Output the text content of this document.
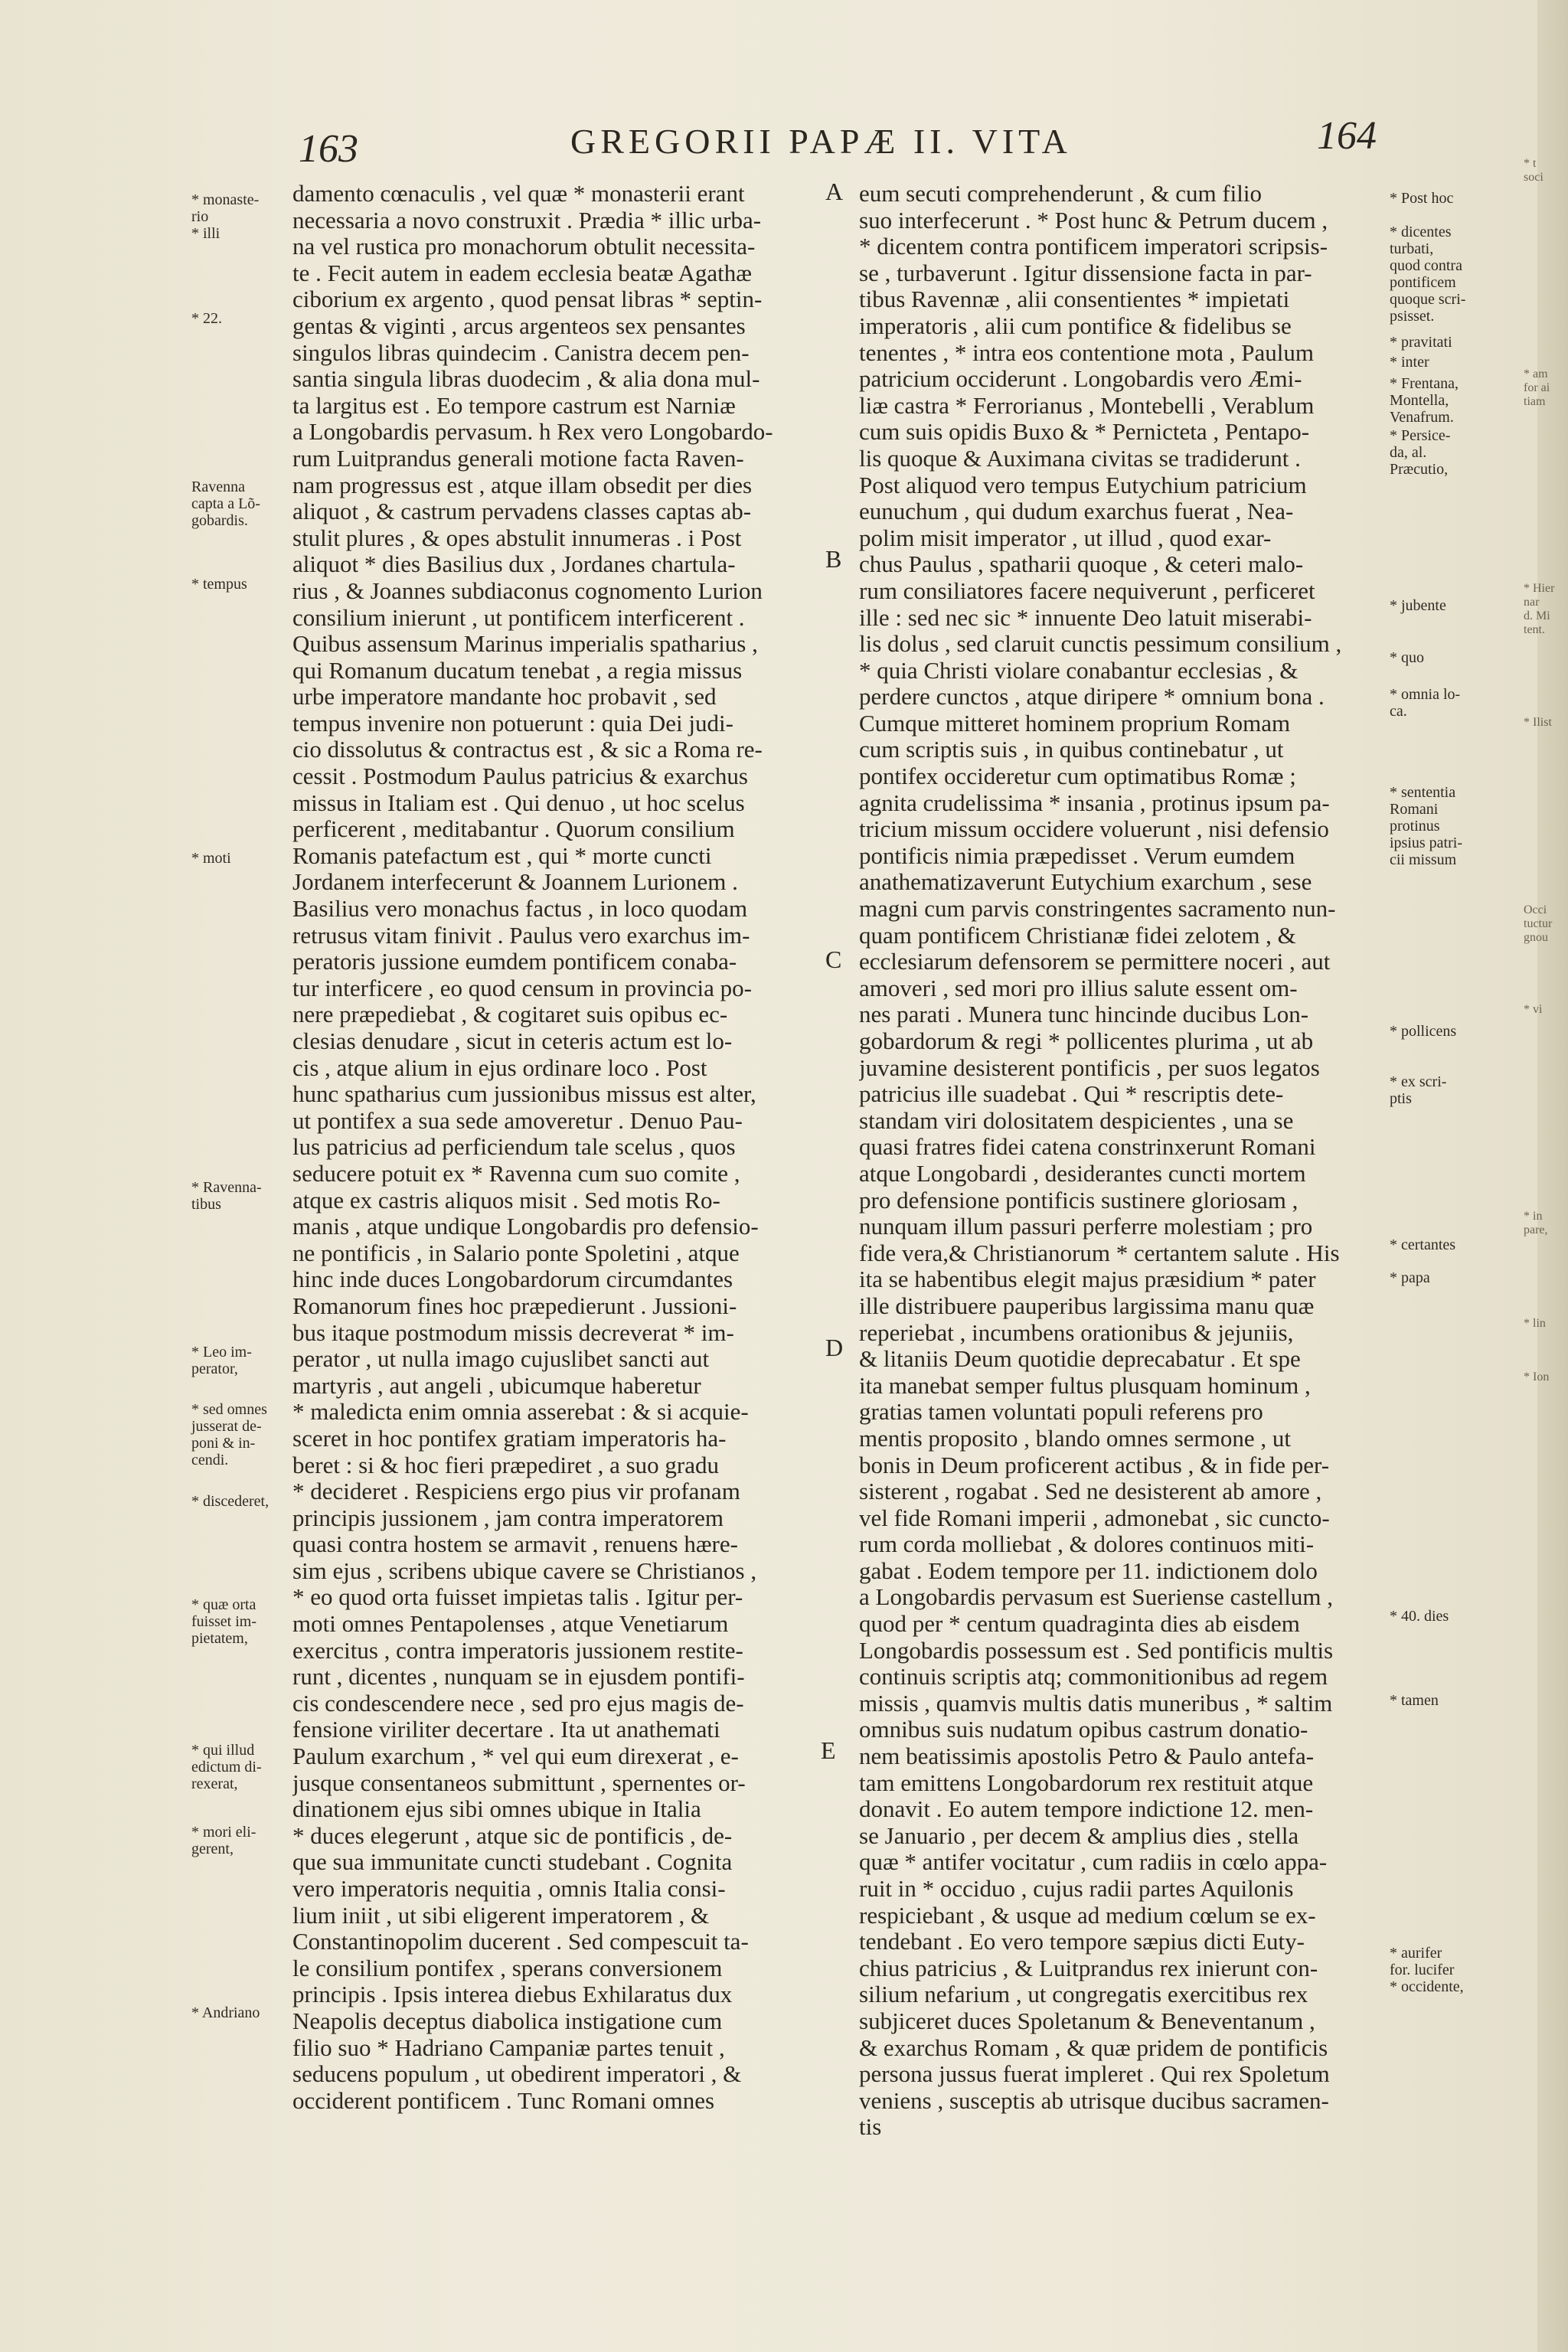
163	GREGORII PAPÆ II. VITA	164
damento cœnaculis , vel quæ * monasterii erant
necessaria a novo construxit . Prædia * illic urba-
na vel rustica pro monachorum obtulit necessita-
te . Fecit autem in eadem ecclesia beatæ Agathæ
ciborium ex argento , quod pensat libras * septin-
gentas & viginti , arcus argenteos sex pensantes
singulos libras quindecim . Canistra decem pen-
santia singula libras duodecim , & alia dona mul-
ta largitus est . Eo tempore castrum est Narniæ
a Longobardis pervasum. h Rex vero Longobardo-
rum Luitprandus generali motione facta Raven-
nam progressus est , atque illam obsedit per dies
aliquot , & castrum pervadens classes captas ab-
stulit plures , & opes abstulit innumeras . i Post
aliquot * dies Basilius dux , Jordanes chartula-
rius , & Joannes subdiaconus cognomento Lurion
consilium inierunt , ut pontificem interficerent .
Quibus assensum Marinus imperialis spatharius ,
qui Romanum ducatum tenebat , a regia missus
urbe imperatore mandante hoc probavit , sed
tempus invenire non potuerunt : quia Dei judi-
cio dissolutus & contractus est , & sic a Roma re-
cessit . Postmodum Paulus patricius & exarchus
missus in Italiam est . Qui denuo , ut hoc scelus
perficerent , meditabantur . Quorum consilium
Romanis patefactum est , qui * morte cuncti
Jordanem interfecerunt & Joannem Lurionem .
Basilius vero monachus factus , in loco quodam
retrusus vitam finivit . Paulus vero exarchus im-
peratoris jussione eumdem pontificem conaba-
tur interficere , eo quod censum in provincia po-
nere præpediebat , & cogitaret suis opibus ec-
clesias denudare , sicut in ceteris actum est lo-
cis , atque alium in ejus ordinare loco . Post
hunc spatharius cum jussionibus missus est alter,
ut pontifex a sua sede amoveretur . Denuo Pau-
lus patricius ad perficiendum tale scelus , quos
seducere potuit ex * Ravenna cum suo comite ,
atque ex castris aliquos misit . Sed motis Ro-
manis , atque undique Longobardis pro defensio-
ne pontificis , in Salario ponte Spoletini , atque
hinc inde duces Longobardorum circumdantes
Romanorum fines hoc præpedierunt . Jussioni-
bus itaque postmodum missis decreverat * im-
perator , ut nulla imago cujuslibet sancti aut
martyris , aut angeli , ubicumque haberetur
* maledicta enim omnia asserebat : & si acquie-
sceret in hoc pontifex gratiam imperatoris ha-
beret : si & hoc fieri præpediret , a suo gradu
* decideret . Respiciens ergo pius vir profanam
principis jussionem , jam contra imperatorem
quasi contra hostem se armavit , renuens hære-
sim ejus , scribens ubique cavere se Christianos ,
* eo quod orta fuisset impietas talis . Igitur per-
moti omnes Pentapolenses , atque Venetiarum
exercitus , contra imperatoris jussionem restite-
runt , dicentes , nunquam se in ejusdem pontifi-
cis condescendere nece , sed pro ejus magis de-
fensione viriliter decertare . Ita ut anathemati
Paulum exarchum , * vel qui eum direxerat , e-
jusque consentaneos submittunt , spernentes or-
dinationem ejus sibi omnes ubique in Italia
* duces elegerunt , atque sic de pontificis , de-
que sua immunitate cuncti studebant . Cognita
vero imperatoris nequitia , omnis Italia consi-
lium iniit , ut sibi eligerent imperatorem , &
Constantinopolim ducerent . Sed compescuit ta-
le consilium pontifex , sperans conversionem
principis . Ipsis interea diebus Exhilaratus dux
Neapolis deceptus diabolica instigatione cum
filio suo * Hadriano Campaniæ partes tenuit ,
seducens populum , ut obedirent imperatori , &
occiderent pontificem . Tunc Romani omnes
eum secuti comprehenderunt , & cum filio
suo interfecerunt . * Post hunc & Petrum ducem ,
* dicentem contra pontificem imperatori scripsis-
se , turbaverunt . Igitur dissensione facta in par-
tibus Ravennæ , alii consentientes * impietati
imperatoris , alii cum pontifice & fidelibus se
tenentes , * intra eos contentione mota , Paulum
patricium occiderunt . Longobardis vero Æmi-
liæ castra * Ferrorianus , Montebelli , Verablum
cum suis opidis Buxo & * Pernicteta , Pentapo-
lis quoque & Auximana civitas se tradiderunt .
Post aliquod vero tempus Eutychium patricium
eunuchum , qui dudum exarchus fuerat , Nea-
polim misit imperator , ut illud , quod exar-
chus Paulus , spatharii quoque , & ceteri malo-
rum consiliatores facere nequiverunt , perficeret
ille : sed nec sic * innuente Deo latuit miserabi-
lis dolus , sed claruit cunctis pessimum consilium ,
* quia Christi violare conabantur ecclesias , &
perdere cunctos , atque diripere * omnium bona .
Cumque mitteret hominem proprium Romam
cum scriptis suis , in quibus continebatur , ut
pontifex occideretur cum optimatibus Romæ ;
agnita crudelissima * insania , protinus ipsum pa-
tricium missum occidere voluerunt , nisi defensio
pontificis nimia præpedisset . Verum eumdem
anathematizaverunt Eutychium exarchum , sese
magni cum parvis constringentes sacramento nun-
quam pontificem Christianæ fidei zelotem , &
ecclesiarum defensorem se permittere noceri , aut
amoveri , sed mori pro illius salute essent om-
nes parati . Munera tunc hincinde ducibus Lon-
gobardorum & regi * pollicentes plurima , ut ab
juvamine desisterent pontificis , per suos legatos
patricius ille suadebat . Qui * rescriptis dete-
standam viri dolositatem despicientes , una se
quasi fratres fidei catena constrinxerunt Romani
atque Longobardi , desiderantes cuncti mortem
pro defensione pontificis sustinere gloriosam ,
nunquam illum passuri perferre molestiam ; pro
fide vera,& Christianorum * certantem salute . His
ita se habentibus elegit majus præsidium * pater
ille distribuere pauperibus largissima manu quæ
reperiebat , incumbens orationibus & jejuniis,
& litaniis Deum quotidie deprecabatur . Et spe
ita manebat semper fultus plusquam hominum ,
gratias tamen voluntati populi referens pro
mentis proposito , blando omnes sermone , ut
bonis in Deum proficerent actibus , & in fide per-
sisterent , rogabat . Sed ne desisterent ab amore ,
vel fide Romani imperii , admonebat , sic cuncto-
rum corda molliebat , & dolores continuos miti-
gabat . Eodem tempore per 11. indictionem dolo
a Longobardis pervasum est Sueriense castellum ,
quod per * centum quadraginta dies ab eisdem
Longobardis possessum est . Sed pontificis multis
continuis scriptis atq; commonitionibus ad regem
missis , quamvis multis datis muneribus , * saltim
omnibus suis nudatum opibus castrum donatio-
nem beatissimis apostolis Petro & Paulo antefa-
tam emittens Longobardorum rex restituit atque
donavit . Eo autem tempore indictione 12. men-
se Januario , per decem & amplius dies , stella
quæ * antifer vocitatur , cum radiis in cœlo appa-
ruit in * occiduo , cujus radii partes Aquilonis
respiciebant , & usque ad medium cœlum se ex-
tendebant . Eo vero tempore sæpius dicti Euty-
chius patricius , & Luitprandus rex inierunt con-
silium nefarium , ut congregatis exercitibus rex
subjiceret duces Spoletanum & Beneventanum ,
& exarchus Romam , & quæ pridem de pontificis
persona jussus fuerat impleret . Qui rex Spoletum
veniens , susceptis ab utrisque ducibus sacramen-
tis
* monaste-
rio
* illi
* 22.
Ravenna
capta a Lõ-
gobardis.
* tempus
* moti
* Ravenna-
tibus
* Leo im-
perator,
* sed omnes
jusserat de-
poni & in-
cendi.
* discederet,
* quæ orta
fuisset im-
pietatem,
* qui illud
edictum di-
rexerat,
* mori eli-
gerent,
* Andriano
* Post hoc
* dicentes
turbati,
quod contra
pontificem
quoque scri-
psisset.
* pravitati
* inter
* Frentana,
Montella,
Venafrum.
* Persice-
da, al.
Præcutio,
* jubente
* quo
* omnia lo-
ca.
* sententia
Romani
protinus
ipsius patri-
cii missum
* pollicens
* ex scri-
ptis
* certantes
* papa
* 40. dies
* tamen
* aurifer
for. lucifer
* occidente,
A
B
C
D
E
* t
soci
* am
for ai
tiam
* Hier
nar
d. Mi
tent.
* Ilist
Occi
tuctur
gnou
* vi
* in
pare,
* lin
* Ion
